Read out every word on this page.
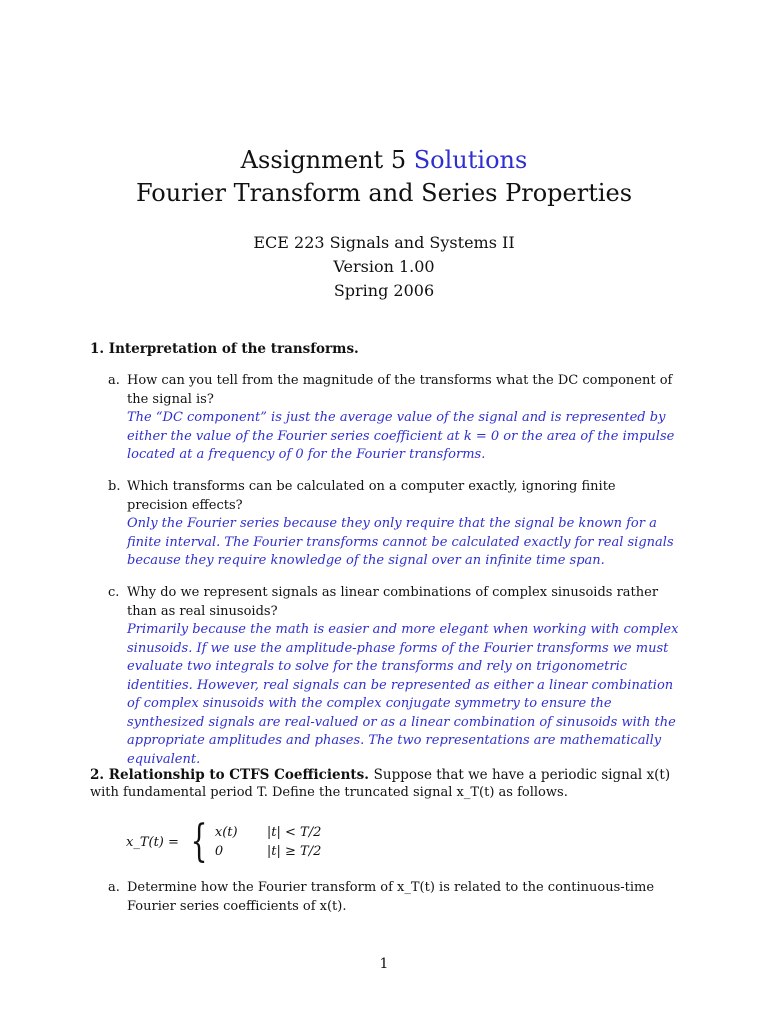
Assignment 5 Solutions
Fourier Transform and Series Properties
ECE 223 Signals and Systems II
Version 1.00
Spring 2006
1. Interpretation of the transforms.
a. How can you tell from the magnitude of the transforms what the DC component of the signal is?
The “DC component” is just the average value of the signal and is represented by either the value of the Fourier series coefficient at k = 0 or the area of the impulse located at a frequency of 0 for the Fourier transforms.
b. Which transforms can be calculated on a computer exactly, ignoring finite precision effects?
Only the Fourier series because they only require that the signal be known for a finite interval. The Fourier transforms cannot be calculated exactly for real signals because they require knowledge of the signal over an infinite time span.
c. Why do we represent signals as linear combinations of complex sinusoids rather than as real sinusoids?
Primarily because the math is easier and more elegant when working with complex sinusoids. If we use the amplitude-phase forms of the Fourier transforms we must evaluate two integrals to solve for the transforms and rely on trigonometric identities. However, real signals can be represented as either a linear combination of complex sinusoids with the complex conjugate symmetry to ensure the synthesized signals are real-valued or as a linear combination of sinusoids with the appropriate amplitudes and phases. The two representations are mathematically equivalent.
2. Relationship to CTFS Coefficients. Suppose that we have a periodic signal x(t)
with fundamental period T. Define the truncated signal x_T(t) as follows.
x_T(t) = { x(t)	|t| < T/2
0	|t| ≥ T/2
a. Determine how the Fourier transform of x_T(t) is related to the continuous-time Fourier series coefficients of x(t).
1
